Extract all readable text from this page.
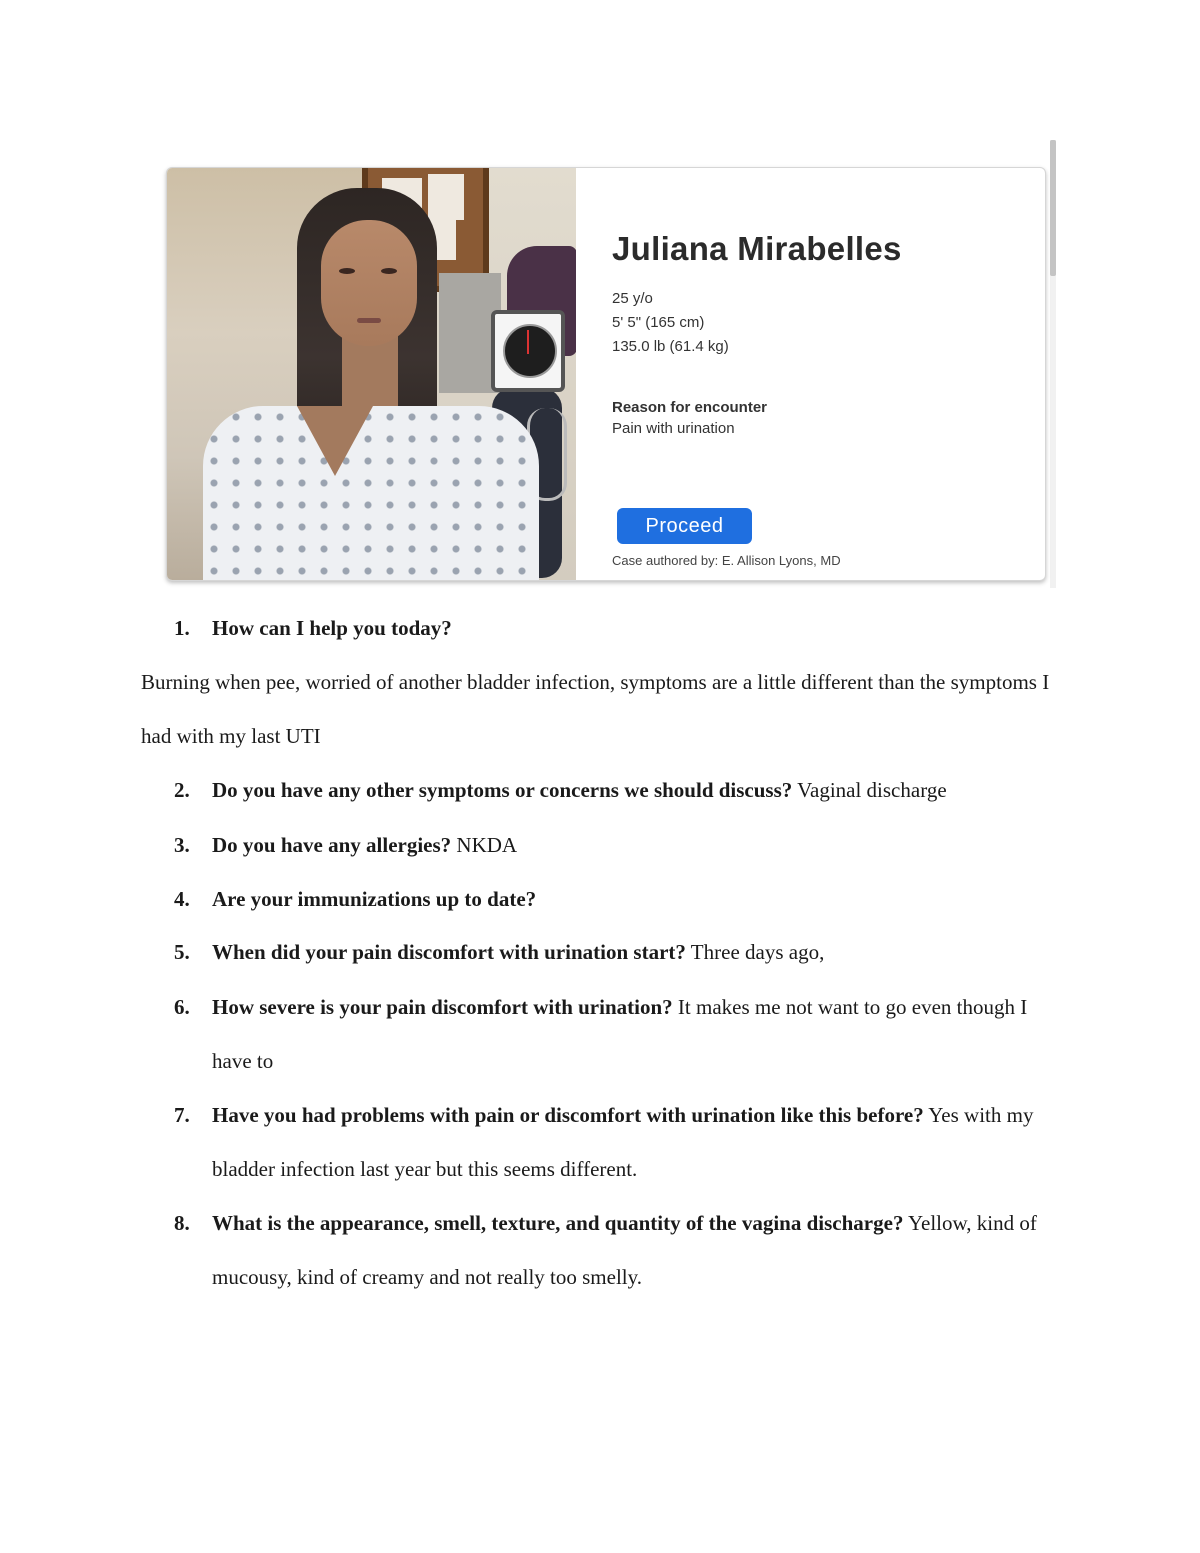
Juliana Mirabelles
25 y/o
5' 5" (165 cm)
135.0 lb (61.4 kg)
Reason for encounter
Pain with urination
Proceed
Case authored by: E. Allison Lyons, MD
1.	How can I help you today?
Burning when pee, worried of another bladder infection, symptoms are a little different than the symptoms I had with my last UTI
2.	Do you have any other symptoms or concerns we should discuss? Vaginal discharge
3.	Do you have any allergies? NKDA
4.	Are your immunizations up to date?
5.	When did your pain discomfort with urination start? Three days ago,
6.	How severe is your pain discomfort with urination? It makes me not want to go even though I have to
7.	Have you had problems with pain or discomfort with urination like this before? Yes with my bladder infection last year but this seems different.
8.	What is the appearance, smell, texture, and quantity of the vagina discharge? Yellow, kind of mucousy, kind of creamy and not really too smelly.
